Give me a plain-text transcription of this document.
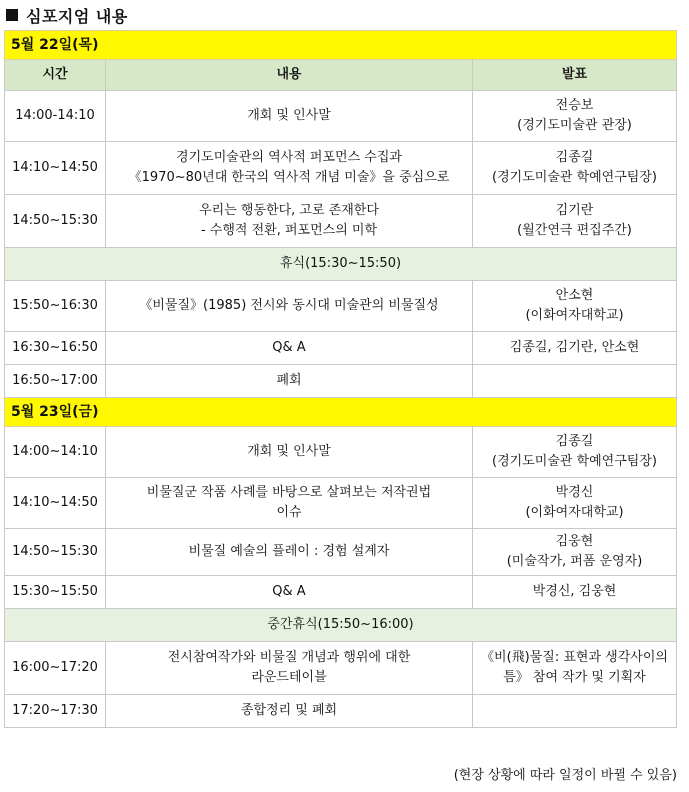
심포지엄 내용
5월 22일(목)		
시간	내용	발표
14:00-14:10	개회 및 인사말	전승보
(경기도미술관 관장)

14:10~14:50	경기도미술관의 역사적 퍼포먼스 수집과
《1970~80년대 한국의 역사적 개념 미술》을 중심으로	김종길
(경기도미술관 학예연구팀장)

14:50~15:30	우리는 행동한다, 고로 존재한다
- 수행적 전환, 퍼포먼스의 미학	김기란
(월간연극 편집주간)

휴식(15:30~15:50)		
15:50~16:30	《비물질》(1985) 전시와 동시대 미술관의 비물질성	안소현
(이화여자대학교)

16:30~16:50	Q& A	김종길, 김기란, 안소현

16:50~17:00	폐회	

5월 23일(금)		
14:00~14:10	개회 및 인사말	김종길
(경기도미술관 학예연구팀장)

14:10~14:50	비물질군 작품 사례를 바탕으로 살펴보는 저작권법
이슈	박경신
(이화여자대학교)

14:50~15:30	비물질 예술의 플레이 : 경험 설계자	김웅현
(미술작가, 퍼폼 운영자)

15:30~15:50	Q& A	박경신, 김웅현

중간휴식(15:50~16:00)		
16:00~17:20	전시참여작가와 비물질 개념과 행위에 대한
라운드테이블	《비(飛)물질: 표현과 생각사이의
틈》 참여 작가 및 기획자

17:20~17:30	종합정리 및 폐회	

(현장 상황에 따라 일정이 바뀔 수 있음)
